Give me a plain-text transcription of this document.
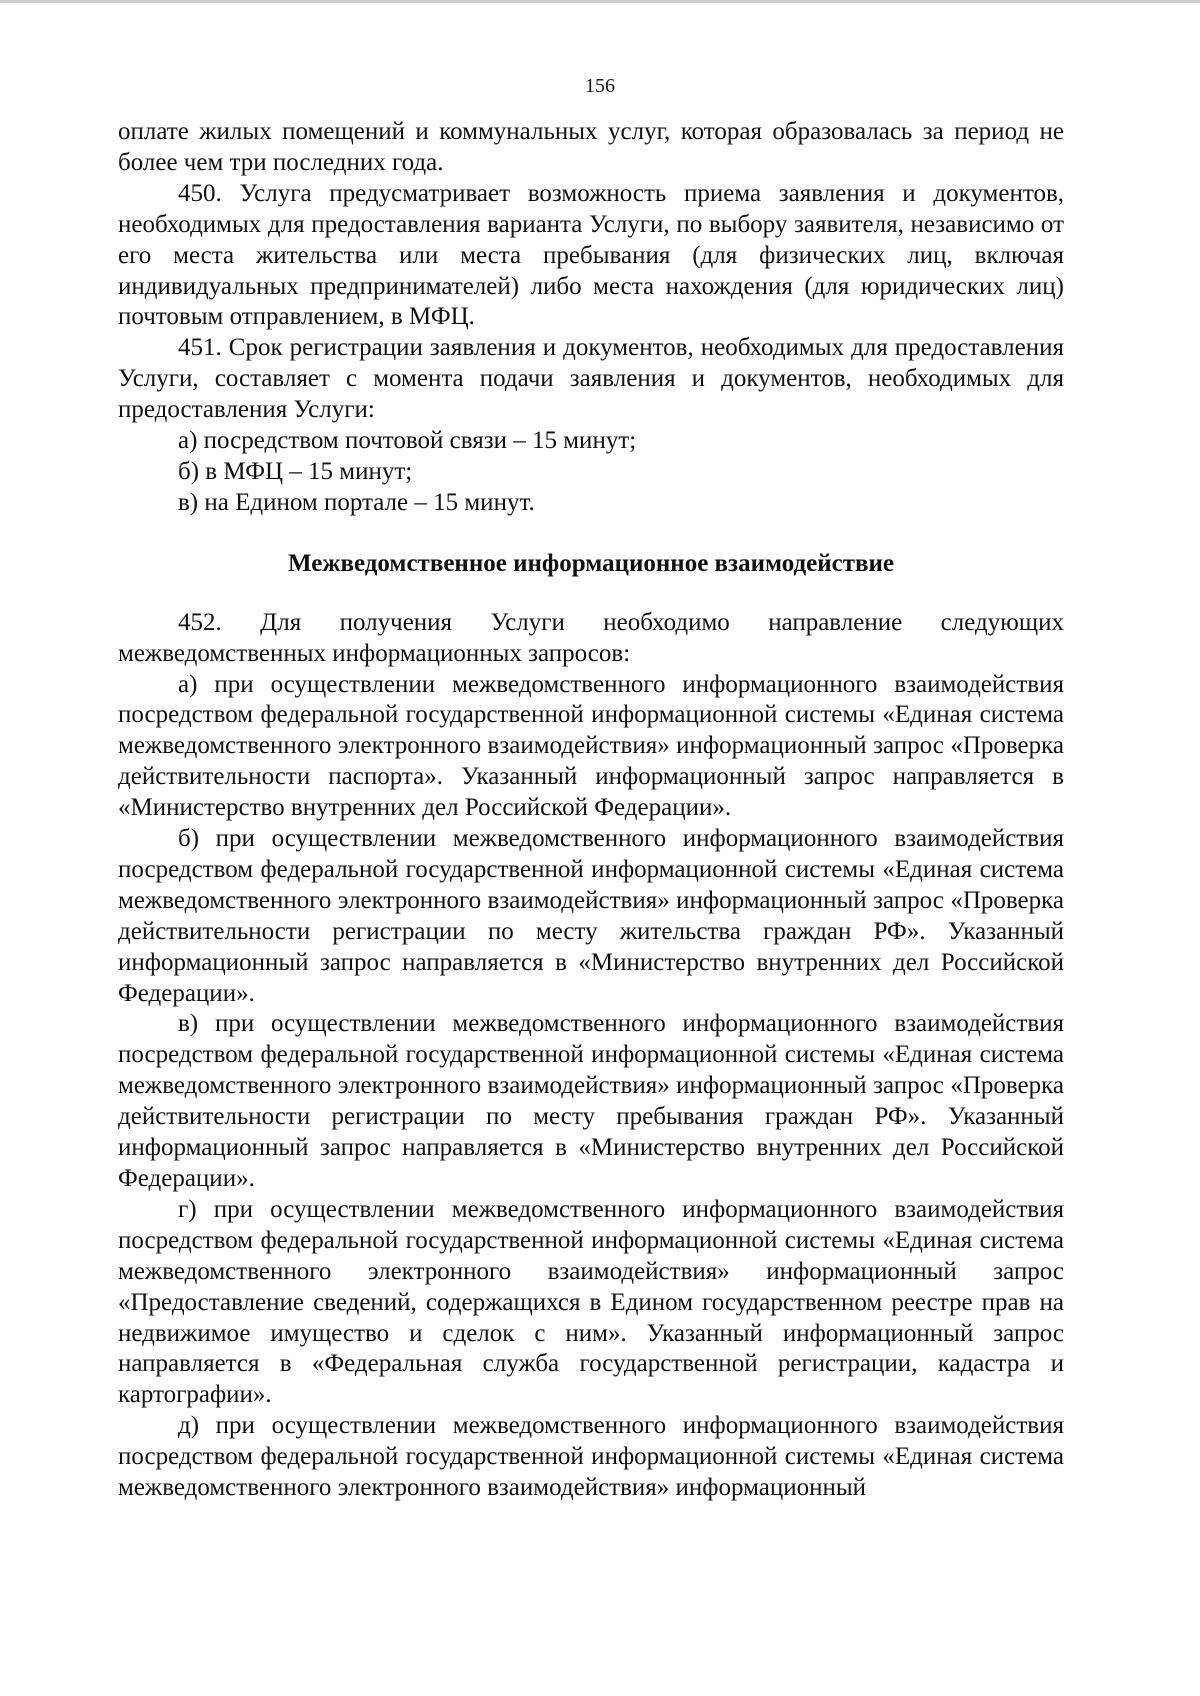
156

оплате жилых помещений и коммунальных услуг, которая образовалась за период не более чем три последних года.

450. Услуга предусматривает возможность приема заявления и документов, необходимых для предоставления варианта Услуги, по выбору заявителя, независимо от его места жительства или места пребывания (для физических лиц, включая индивидуальных предпринимателей) либо места нахождения (для юридических лиц) почтовым отправлением, в МФЦ.

451. Срок регистрации заявления и документов, необходимых для предоставления Услуги, составляет с момента подачи заявления и документов, необходимых для предоставления Услуги:

а) посредством почтовой связи – 15 минут;

б) в МФЦ – 15 минут;

в) на Едином портале – 15 минут.

Межведомственное информационное взаимодействие

452. Для получения Услуги необходимо направление следующих межведомственных информационных запросов:

а) при осуществлении межведомственного информационного взаимодействия посредством федеральной государственной информационной системы «Единая система межведомственного электронного взаимодействия» информационный запрос «Проверка действительности паспорта». Указанный информационный запрос направляется в «Министерство внутренних дел Российской Федерации».

б) при осуществлении межведомственного информационного взаимодействия посредством федеральной государственной информационной системы «Единая система межведомственного электронного взаимодействия» информационный запрос «Проверка действительности регистрации по месту жительства граждан РФ». Указанный информационный запрос направляется в «Министерство внутренних дел Российской Федерации».

в) при осуществлении межведомственного информационного взаимодействия посредством федеральной государственной информационной системы «Единая система межведомственного электронного взаимодействия» информационный запрос «Проверка действительности регистрации по месту пребывания граждан РФ». Указанный информационный запрос направляется в «Министерство внутренних дел Российской Федерации».

г) при осуществлении межведомственного информационного взаимодействия посредством федеральной государственной информационной системы «Единая система межведомственного электронного взаимодействия» информационный запрос «Предоставление сведений, содержащихся в Едином государственном реестре прав на недвижимое имущество и сделок с ним». Указанный информационный запрос направляется в «Федеральная служба государственной регистрации, кадастра и картографии».

д) при осуществлении межведомственного информационного взаимодействия посредством федеральной государственной информационной системы «Единая система межведомственного электронного взаимодействия» информационный
